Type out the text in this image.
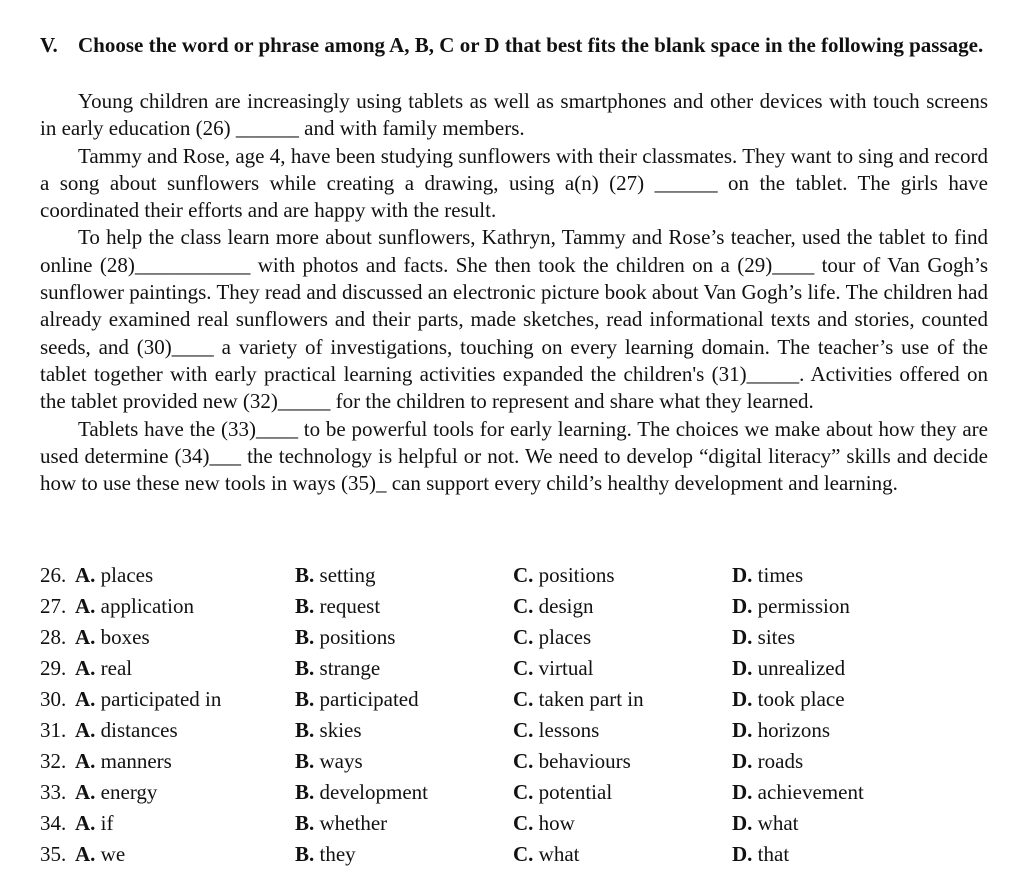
V. Choose the word or phrase among A, B, C or D that best fits the blank space in the following passage.

Young children are increasingly using tablets as well as smartphones and other devices with touch screens in early education (26) ______ and with family members.

Tammy and Rose, age 4, have been studying sunflowers with their classmates. They want to sing and record a song about sunflowers while creating a drawing, using a(n) (27) ______ on the tablet. The girls have coordinated their efforts and are happy with the result.

To help the class learn more about sunflowers, Kathryn, Tammy and Rose’s teacher, used the tablet to find online (28)___________ with photos and facts. She then took the children on a (29)____ tour of Van Gogh’s sunflower paintings. They read and discussed an electronic picture book about Van Gogh’s life. The children had already examined real sunflowers and their parts, made sketches, read informational texts and stories, counted seeds, and (30)____ a variety of investigations, touching on every learning domain. The teacher’s use of the tablet together with early practical learning activities expanded the children's (31)_____. Activities offered on the tablet provided new (32)_____ for the children to represent and share what they learned.

Tablets have the (33)____ to be powerful tools for early learning. The choices we make about how they are used determine (34)___ the technology is helpful or not. We need to develop “digital literacy” skills and decide how to use these new tools in ways (35)_ can support every child’s healthy development and learning.

26. A. places	B. setting	C. positions	D. times
27. A. application	B. request	C. design	D. permission
28. A. boxes	B. positions	C. places	D. sites
29. A. real	B. strange	C. virtual	D. unrealized
30. A. participated in	B. participated	C. taken part in	D. took place
31. A. distances	B. skies	C. lessons	D. horizons
32. A. manners	B. ways	C. behaviours	D. roads
33. A. energy	B. development	C. potential	D. achievement
34. A. if	B. whether	C. how	D. what
35. A. we	B. they	C. what	D. that
